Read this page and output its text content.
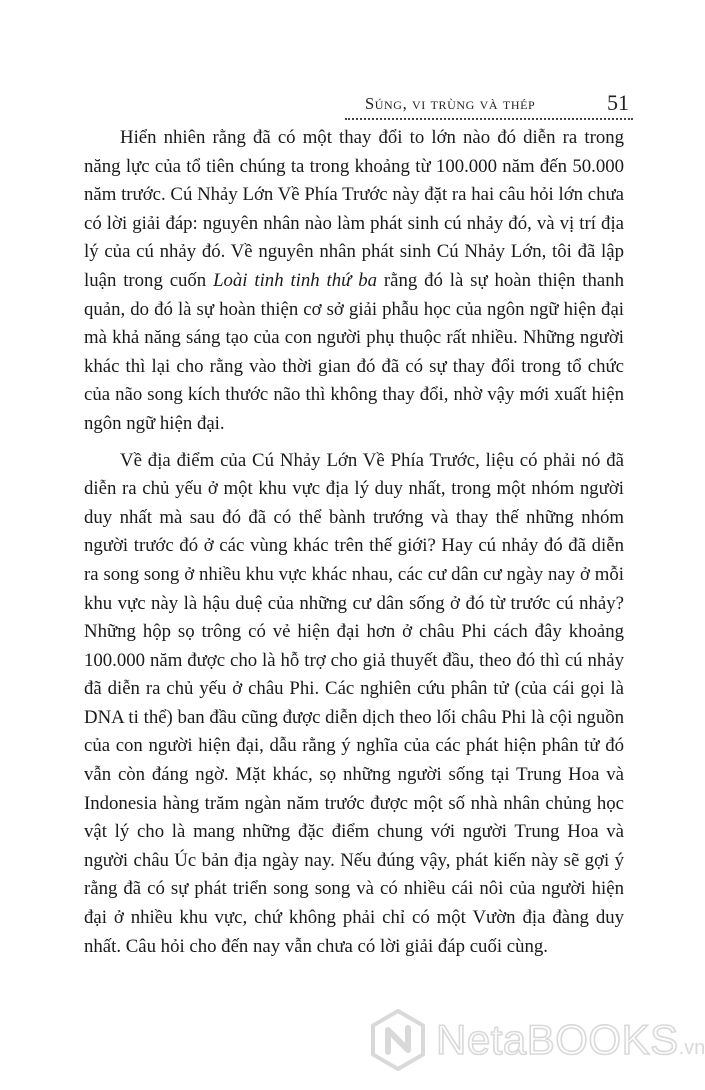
Súng, vi trùng và thép	51

Hiển nhiên rằng đã có một thay đổi to lớn nào đó diễn ra trong năng lực của tổ tiên chúng ta trong khoảng từ 100.000 năm đến 50.000 năm trước. Cú Nhảy Lớn Về Phía Trước này đặt ra hai câu hỏi lớn chưa có lời giải đáp: nguyên nhân nào làm phát sinh cú nhảy đó, và vị trí địa lý của cú nhảy đó. Về nguyên nhân phát sinh Cú Nhảy Lớn, tôi đã lập luận trong cuốn Loài tinh tinh thứ ba rằng đó là sự hoàn thiện thanh quản, do đó là sự hoàn thiện cơ sở giải phẫu học của ngôn ngữ hiện đại mà khả năng sáng tạo của con người phụ thuộc rất nhiều. Những người khác thì lại cho rằng vào thời gian đó đã có sự thay đổi trong tổ chức của não song kích thước não thì không thay đổi, nhờ vậy mới xuất hiện ngôn ngữ hiện đại.

Về địa điểm của Cú Nhảy Lớn Về Phía Trước, liệu có phải nó đã diễn ra chủ yếu ở một khu vực địa lý duy nhất, trong một nhóm người duy nhất mà sau đó đã có thể bành trướng và thay thế những nhóm người trước đó ở các vùng khác trên thế giới? Hay cú nhảy đó đã diễn ra song song ở nhiều khu vực khác nhau, các cư dân cư ngày nay ở mỗi khu vực này là hậu duệ của những cư dân sống ở đó từ trước cú nhảy? Những hộp sọ trông có vẻ hiện đại hơn ở châu Phi cách đây khoảng 100.000 năm được cho là hỗ trợ cho giả thuyết đầu, theo đó thì cú nhảy đã diễn ra chủ yếu ở châu Phi. Các nghiên cứu phân tử (của cái gọi là DNA ti thể) ban đầu cũng được diễn dịch theo lối châu Phi là cội nguồn của con người hiện đại, dẫu rằng ý nghĩa của các phát hiện phân tử đó vẫn còn đáng ngờ. Mặt khác, sọ những người sống tại Trung Hoa và Indonesia hàng trăm ngàn năm trước được một số nhà nhân chủng học vật lý cho là mang những đặc điểm chung với người Trung Hoa và người châu Úc bản địa ngày nay. Nếu đúng vậy, phát kiến này sẽ gợi ý rằng đã có sự phát triển song song và có nhiều cái nôi của người hiện đại ở nhiều khu vực, chứ không phải chỉ có một Vườn địa đàng duy nhất. Câu hỏi cho đến nay vẫn chưa có lời giải đáp cuối cùng.

NetaBOOKS.vn
